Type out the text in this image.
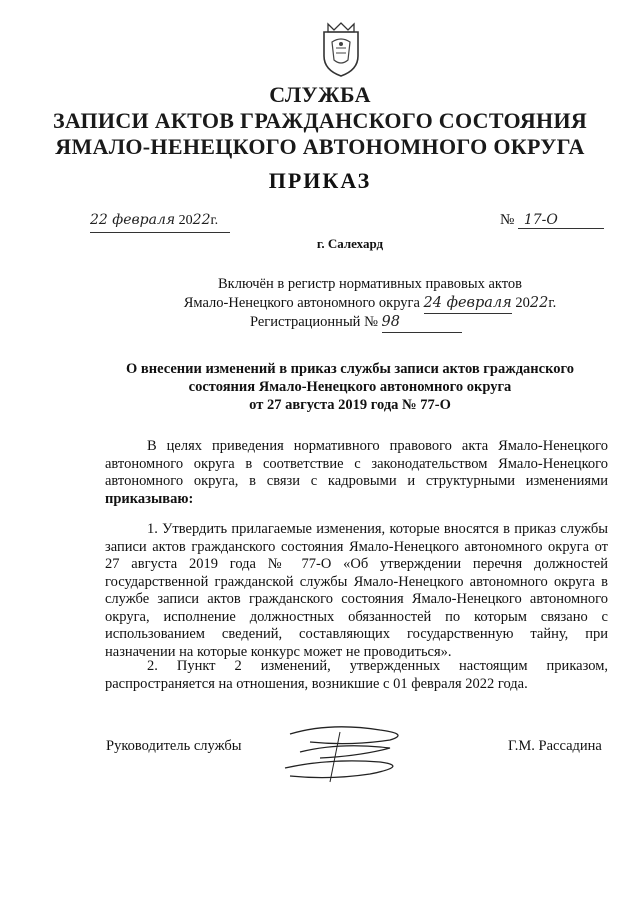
СЛУЖБА
ЗАПИСИ АКТОВ ГРАЖДАНСКОГО СОСТОЯНИЯ
ЯМАЛО-НЕНЕЦКОГО АВТОНОМНОГО ОКРУГА
ПРИКАЗ
22 февраля 2022г.	№ 17-О
г. Салехард
Включён в регистр нормативных правовых актов
Ямало-Ненецкого автономного округа 24 февраля 2022г.
Регистрационный № 98
О внесении изменений в приказ службы записи актов гражданского
состояния Ямало-Ненецкого автономного округа
от 27 августа 2019 года № 77-О
В целях приведения нормативного правового акта Ямало-Ненецкого автономного округа в соответствие с законодательством Ямало-Ненецкого автономного округа, в связи с кадровыми и структурными изменениями приказываю:
1. Утвердить прилагаемые изменения, которые вносятся в приказ службы записи актов гражданского состояния Ямало-Ненецкого автономного округа от 27 августа 2019 года № 77-О «Об утверждении перечня должностей государственной гражданской службы Ямало-Ненецкого автономного округа в службе записи актов гражданского состояния Ямало-Ненецкого автономного округа, исполнение должностных обязанностей по которым связано с использованием сведений, составляющих государственную тайну, при назначении на которые конкурс может не проводиться».
2. Пункт 2 изменений, утвержденных настоящим приказом, распространяется на отношения, возникшие с 01 февраля 2022 года.
Руководитель службы	Г.М. Рассадина
